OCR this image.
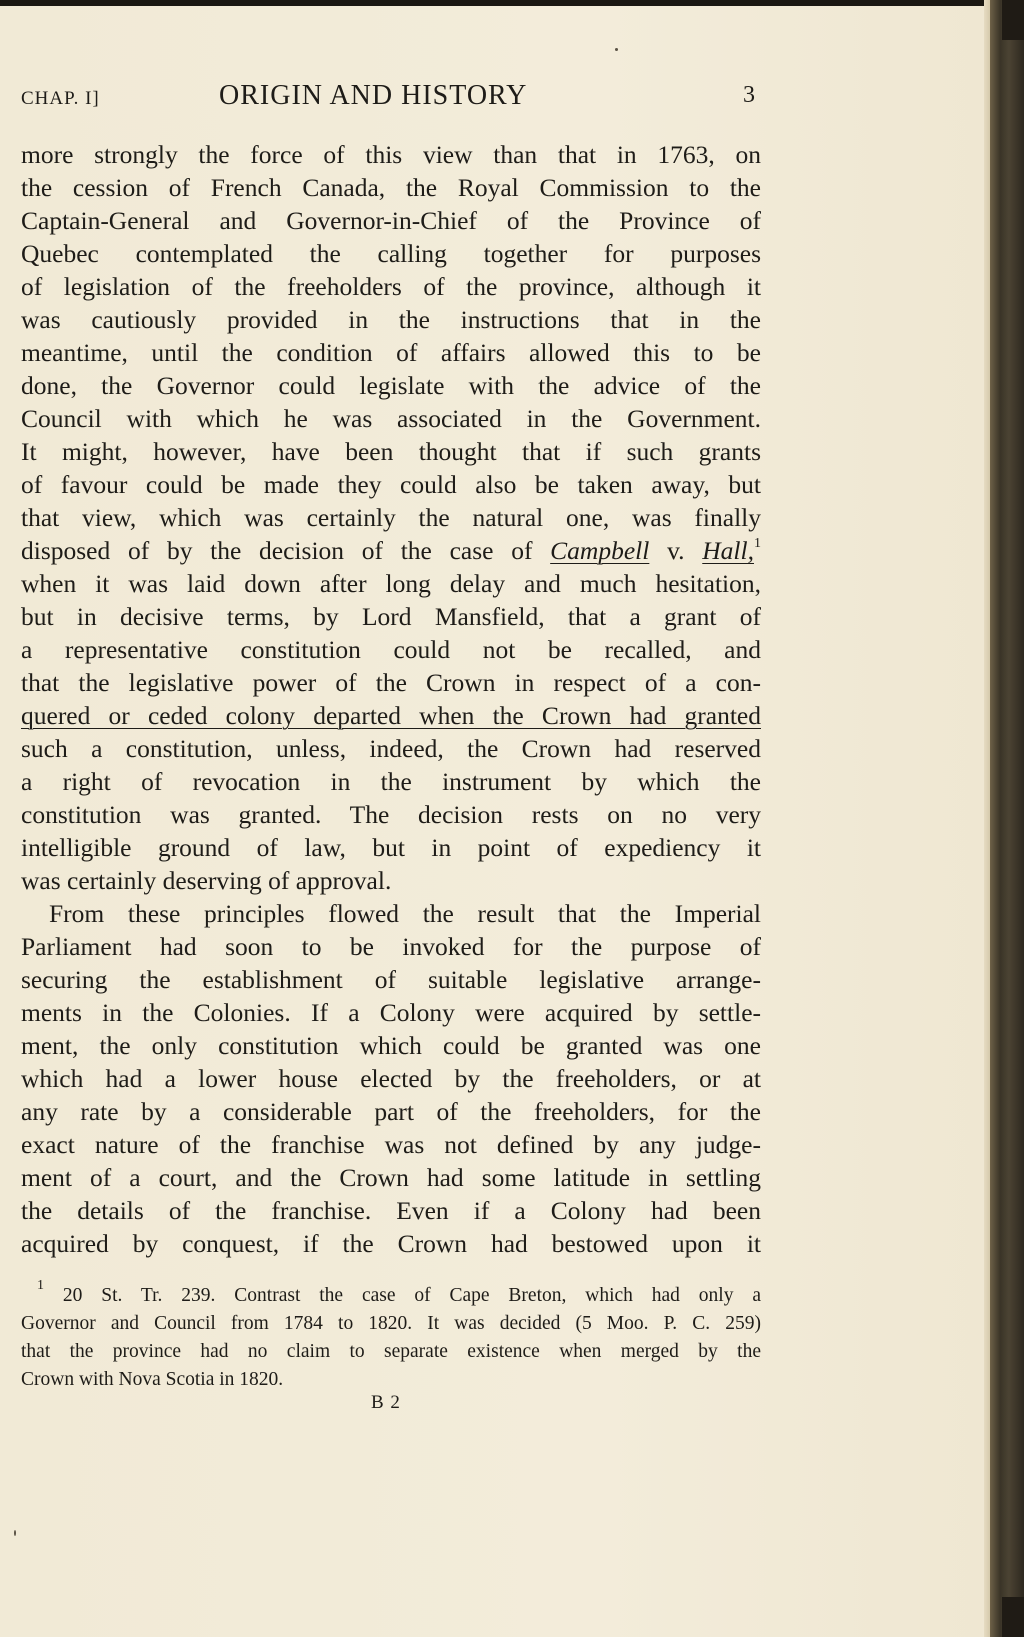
CHAP. I]	ORIGIN AND HISTORY	3
more strongly the force of this view than that in 1763, on
the cession of French Canada, the Royal Commission to the
Captain-General and Governor-in-Chief of the Province of
Quebec contemplated the calling together for purposes
of legislation of the freeholders of the province, although it
was cautiously provided in the instructions that in the
meantime, until the condition of affairs allowed this to be
done, the Governor could legislate with the advice of the
Council with which he was associated in the Government.
It might, however, have been thought that if such grants
of favour could be made they could also be taken away, but
that view, which was certainly the natural one, was finally
disposed of by the decision of the case of Campbell v. Hall,$^1$
when it was laid down after long delay and much hesitation,
but in decisive terms, by Lord Mansfield, that a grant of
a representative constitution could not be recalled, and
that the legislative power of the Crown in respect of a con-
quered or ceded colony departed when the Crown had granted
such a constitution, unless, indeed, the Crown had reserved
a right of revocation in the instrument by which the
constitution was granted. The decision rests on no very
intelligible ground of law, but in point of expediency it
was certainly deserving of approval.
From these principles flowed the result that the Imperial
Parliament had soon to be invoked for the purpose of
securing the establishment of suitable legislative arrange-
ments in the Colonies. If a Colony were acquired by settle-
ment, the only constitution which could be granted was one
which had a lower house elected by the freeholders, or at
any rate by a considerable part of the freeholders, for the
exact nature of the franchise was not defined by any judge-
ment of a court, and the Crown had some latitude in settling
the details of the franchise. Even if a Colony had been
acquired by conquest, if the Crown had bestowed upon it
$^1$ 20 St. Tr. 239. Contrast the case of Cape Breton, which had only a
Governor and Council from 1784 to 1820. It was decided (5 Moo. P. C. 259)
that the province had no claim to separate existence when merged by the
Crown with Nova Scotia in 1820.
B 2
